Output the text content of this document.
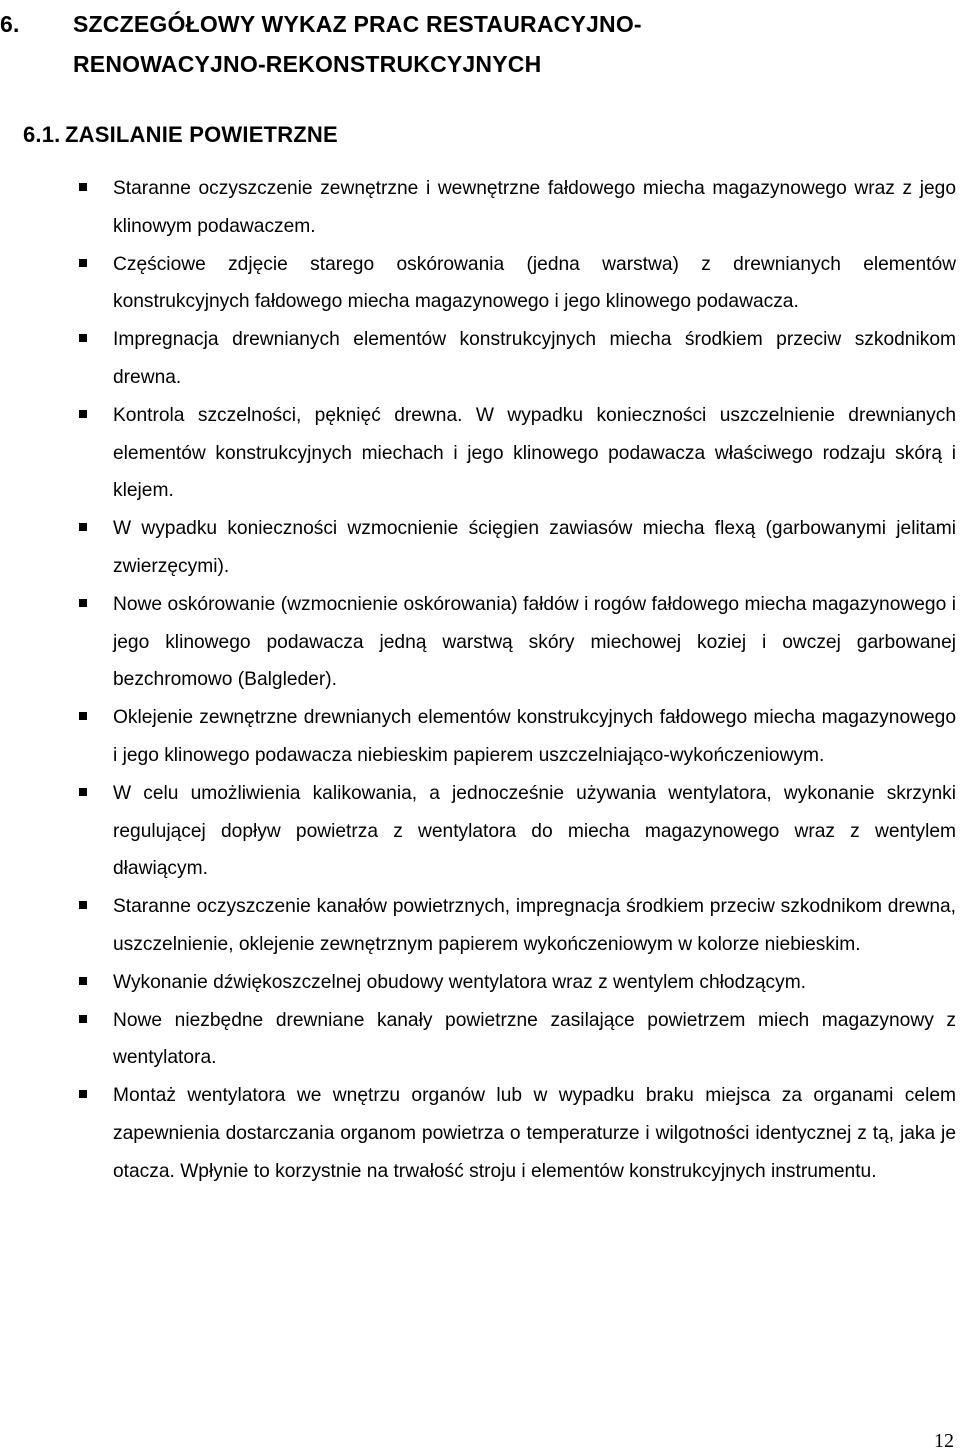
6.	SZCZEGÓŁOWY WYKAZ PRAC RESTAURACYJNO-
RENOWACYJNO-REKONSTRUKCYJNYCH
6.1. ZASILANIE POWIETRZNE
Staranne oczyszczenie zewnętrzne i wewnętrzne fałdowego miecha magazynowego wraz z jego klinowym podawaczem.
Częściowe zdjęcie starego oskórowania (jedna warstwa) z drewnianych elementów konstrukcyjnych fałdowego miecha magazynowego i jego klinowego podawacza.
Impregnacja drewnianych elementów konstrukcyjnych miecha środkiem przeciw szkodnikom drewna.
Kontrola szczelności, pęknięć drewna. W wypadku konieczności uszczelnienie drewnianych elementów konstrukcyjnych miechach i jego klinowego podawacza właściwego rodzaju skórą i klejem.
W wypadku konieczności wzmocnienie ścięgien zawiasów miecha flexą (garbowanymi jelitami zwierzęcymi).
Nowe oskórowanie (wzmocnienie oskórowania) fałdów i rogów fałdowego miecha magazynowego i jego klinowego podawacza jedną warstwą skóry miechowej koziej i owczej garbowanej bezchromowo (Balgleder).
Oklejenie zewnętrzne drewnianych elementów konstrukcyjnych fałdowego miecha magazynowego i jego klinowego podawacza niebieskim papierem uszczelniająco-wykończeniowym.
W celu umożliwienia kalikowania, a jednocześnie używania wentylatora, wykonanie skrzynki regulującej dopływ powietrza z wentylatora do miecha magazynowego wraz z wentylem dławiącym.
Staranne oczyszczenie kanałów powietrznych, impregnacja środkiem przeciw szkodnikom drewna, uszczelnienie, oklejenie zewnętrznym papierem wykończeniowym w kolorze niebieskim.
Wykonanie dźwiękoszczelnej obudowy wentylatora wraz z wentylem chłodzącym.
Nowe niezbędne drewniane kanały powietrzne zasilające powietrzem miech magazynowy z wentylatora.
Montaż wentylatora we wnętrzu organów lub w wypadku braku miejsca za organami celem zapewnienia dostarczania organom powietrza o temperaturze i wilgotności identycznej z tą, jaka je otacza. Wpłynie to korzystnie na trwałość stroju i elementów konstrukcyjnych instrumentu.
12
